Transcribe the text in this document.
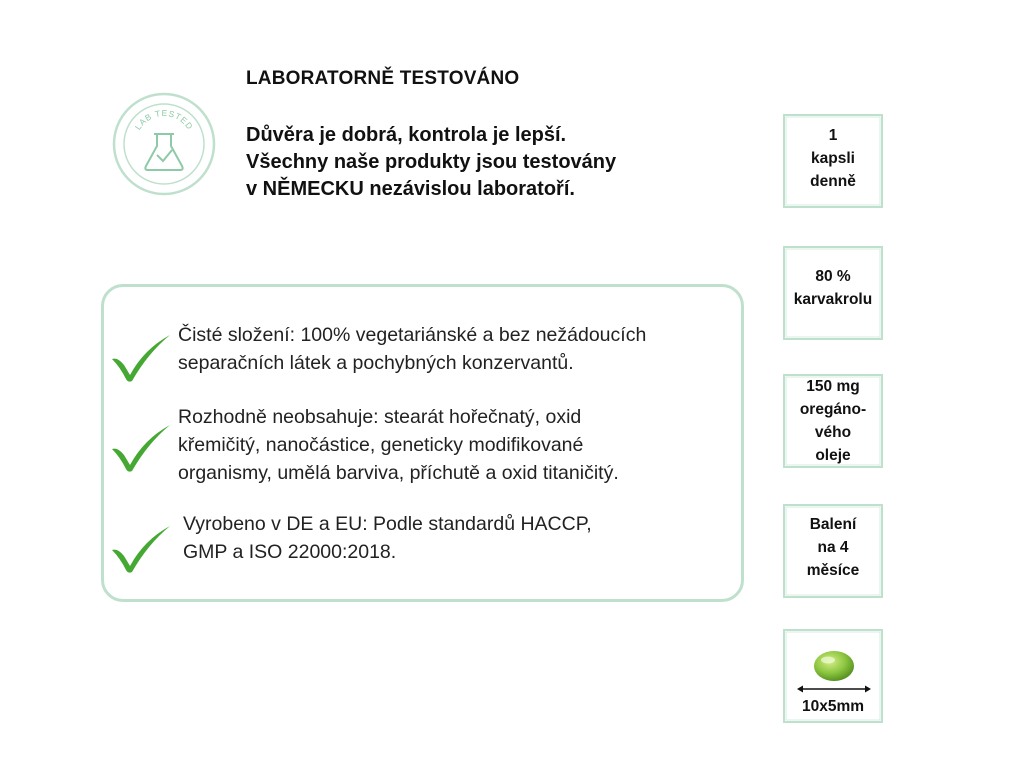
LAB TESTED
LABORATORNĚ TESTOVÁNO
Důvěra je dobrá, kontrola je lepší.
Všechny naše produkty jsou testovány
v NĚMECKU nezávislou laboratoří.
Čisté složení: 100% vegetariánské a bez nežádoucích
separačních látek a pochybných konzervantů.
Rozhodně neobsahuje: stearát hořečnatý, oxid
křemičitý, nanočástice, geneticky modifikované
organismy, umělá barviva, příchutě a oxid titaničitý.
Vyrobeno v DE a EU: Podle standardů HACCP,
GMP a ISO 22000:2018.
1
kapsli
denně
80 %
karvakrolu
150 mg
oregáno-
vého
oleje
Balení
na 4
měsíce
10x5mm
